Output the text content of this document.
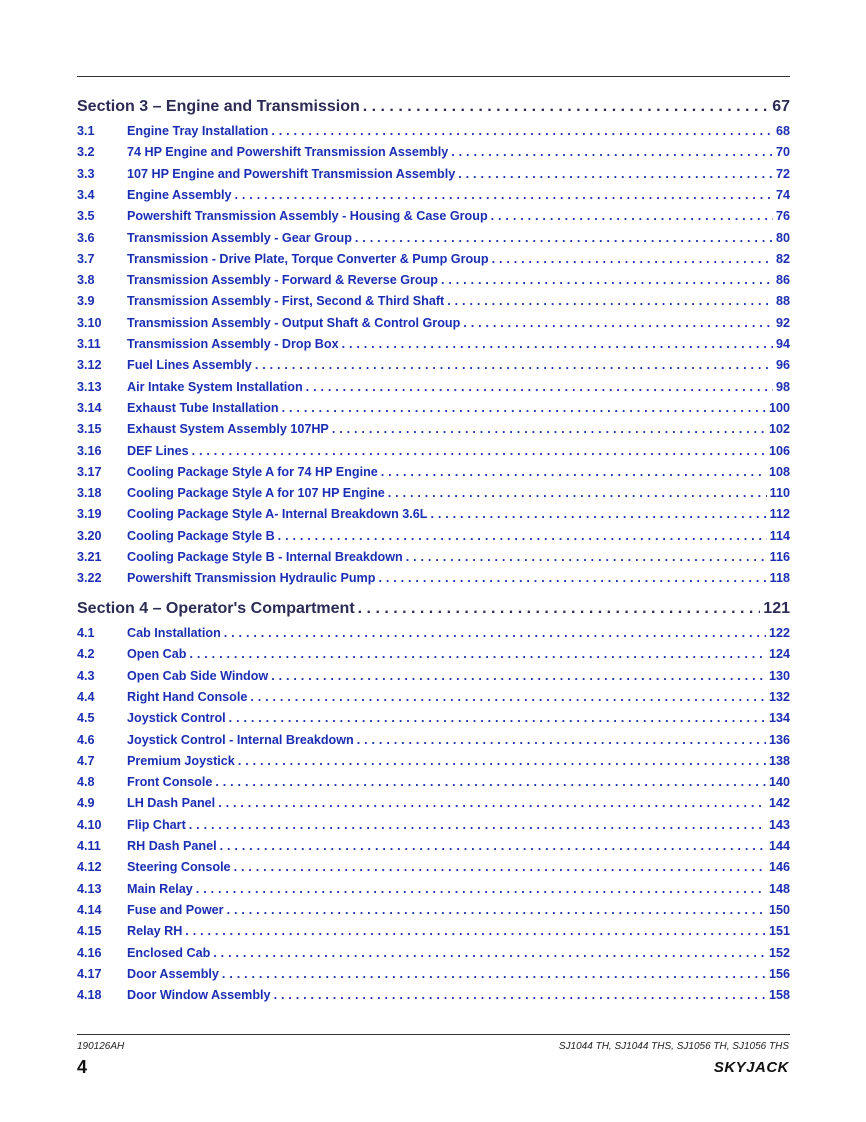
Section 3 – Engine and Transmission . . .	67
3.1	Engine Tray Installation . . .	68
3.2	74 HP Engine and Powershift Transmission Assembly . . .	70
3.3	107 HP Engine and Powershift Transmission Assembly . . .	72
3.4	Engine Assembly . . .	74
3.5	Powershift Transmission Assembly - Housing & Case Group . . .	76
3.6	Transmission Assembly - Gear Group . . .	80
3.7	Transmission - Drive Plate, Torque Converter & Pump Group . . .	82
3.8	Transmission Assembly - Forward & Reverse Group . . .	86
3.9	Transmission Assembly - First, Second & Third Shaft . . .	88
3.10	Transmission Assembly - Output Shaft & Control Group . . .	92
3.11	Transmission Assembly - Drop Box . . .	94
3.12	Fuel Lines Assembly . . .	96
3.13	Air Intake System Installation . . .	98
3.14	Exhaust Tube Installation . . .	100
3.15	Exhaust System Assembly 107HP . . .	102
3.16	DEF Lines . . .	106
3.17	Cooling Package Style A for 74 HP Engine . . .	108
3.18	Cooling Package Style A for 107 HP Engine . . .	110
3.19	Cooling Package Style A- Internal Breakdown 3.6L . . .	112
3.20	Cooling Package Style B . . .	114
3.21	Cooling Package Style B - Internal Breakdown . . .	116
3.22	Powershift Transmission Hydraulic Pump . . .	118
Section 4 – Operator's Compartment . . .	121
4.1	Cab Installation . . .	122
4.2	Open Cab . . .	124
4.3	Open Cab Side Window . . .	130
4.4	Right Hand Console . . .	132
4.5	Joystick Control . . .	134
4.6	Joystick Control - Internal Breakdown . . .	136
4.7	Premium Joystick . . .	138
4.8	Front Console . . .	140
4.9	LH Dash Panel . . .	142
4.10	Flip Chart . . .	143
4.11	RH Dash Panel . . .	144
4.12	Steering Console . . .	146
4.13	Main Relay . . .	148
4.14	Fuse and Power . . .	150
4.15	Relay RH . . .	151
4.16	Enclosed Cab . . .	152
4.17	Door Assembly . . .	156
4.18	Door Window Assembly . . .	158
190126AH	SJ1044 TH, SJ1044 THS, SJ1056 TH, SJ1056 THS
4	SKYJACK
